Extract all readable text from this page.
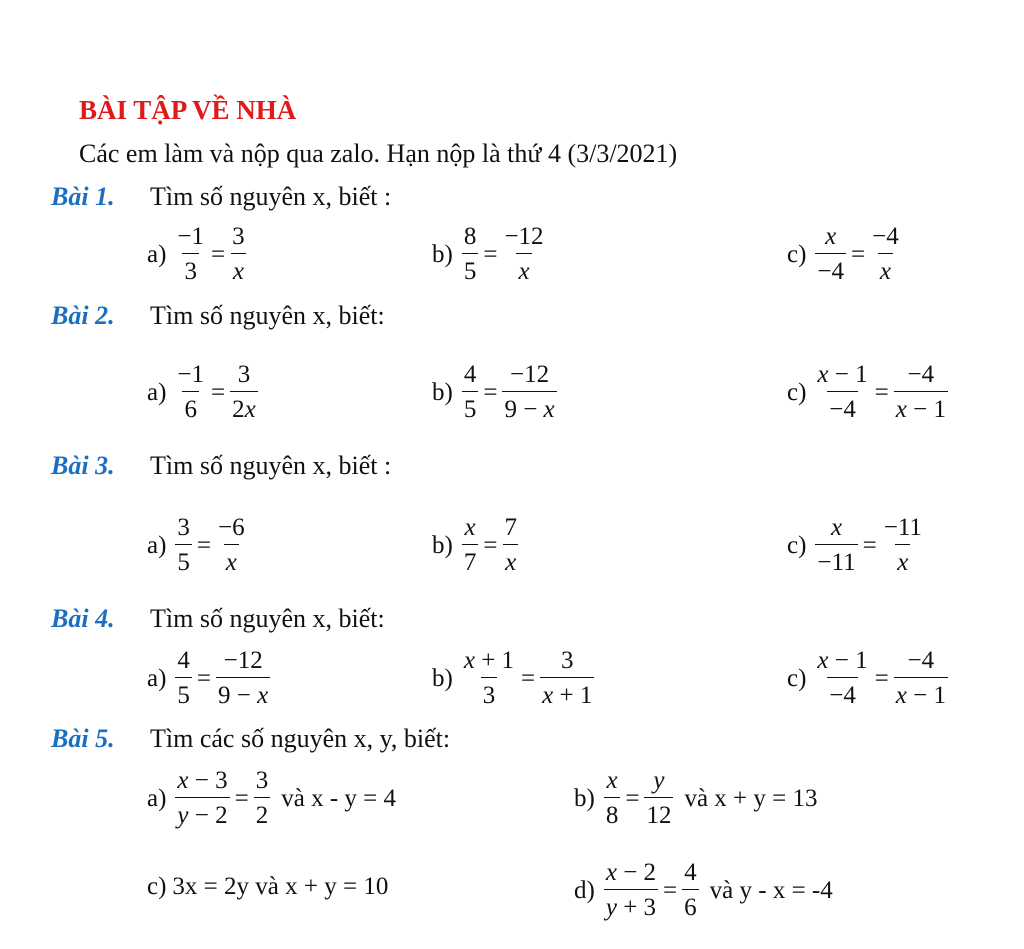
BÀI TẬP VỀ NHÀ
Các em làm và nộp qua zalo. Hạn nộp là thứ 4 (3/3/2021)
Bài 1. Tìm số nguyên x, biết :
$a) \frac{-1}{3} = \frac{3}{x}$	$b) \frac{8}{5} = \frac{-12}{x}$	$c) \frac{x}{-4} = \frac{-4}{x}$
Bài 2. Tìm số nguyên x, biết:
$a) \frac{-1}{6} = \frac{3}{2x}$	$b) \frac{4}{5} = \frac{-12}{9 - x}$	$c) \frac{x - 1}{-4} = \frac{-4}{x - 1}$
Bài 3. Tìm số nguyên x, biết :
$a) \frac{3}{5} = \frac{-6}{x}$	$b) \frac{x}{7} = \frac{7}{x}$	$c) \frac{x}{-11} = \frac{-11}{x}$
Bài 4. Tìm số nguyên x, biết:
$a) \frac{4}{5} = \frac{-12}{9 - x}$	$b) \frac{x + 1}{3} = \frac{3}{x + 1}$	$c) \frac{x - 1}{-4} = \frac{-4}{x - 1}$
Bài 5. Tìm các số nguyên x, y, biết:
$a) \frac{x - 3}{y - 2} = \frac{3}{2}$ và x - y = 4	$b) \frac{x}{8} = \frac{y}{12}$ và x + y = 13
c) 3x = 2y và x + y = 10	$d) \frac{x - 2}{y + 3} = \frac{4}{6}$ và y - x = -4
